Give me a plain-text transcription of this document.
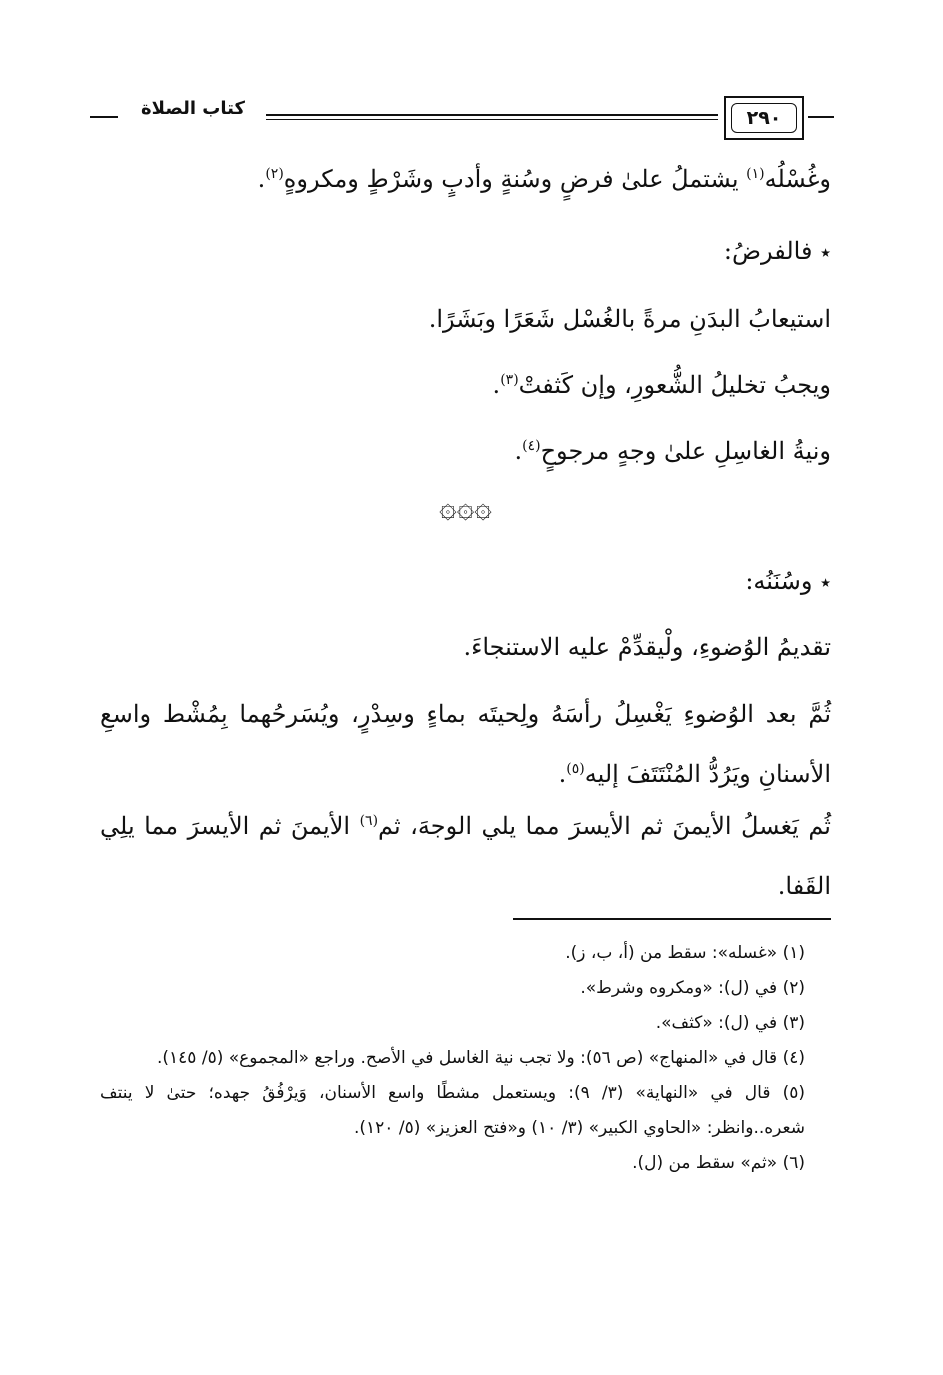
٢٩٠
كتاب الصلاة
وغُسْلُه$^{(١)}$ يشتملُ علىٰ فرضٍ وسُنةٍ وأدبٍ وشَرْطٍ ومكروهٍ$^{(٢)}$.
٭ فالفرضُ:
استيعابُ البدَنِ مرةً بالغُسْل شَعَرًا وبَشَرًا.
ويجبُ تخليلُ الشُّعورِ، وإن كَثفتْ$^{(٣)}$.
ونيةُ الغاسِلِ علىٰ وجهٍ مرجوحٍ$^{(٤)}$.
۞۞۞
٭ وسُنَنُه:
تقديمُ الوُضوءِ، ولْيقدِّمْ عليه الاستنجاءَ.
ثُمَّ بعد الوُضوءِ يَغْسِلُ رأسَهُ ولِحيتَه بماءٍ وسِدْرٍ، ويُسَرحُهما بِمُشْط واسعِ الأسنانِ ويَرُدُّ المُنْتَتَفَ إليه$^{(٥)}$.
ثُم يَغسلُ الأيمنَ ثم الأيسرَ مما يلي الوجهَ، ثم$^{(٦)}$ الأيمنَ ثم الأيسرَ مما يلِي القَفا.
(١) «غسله»: سقط من (أ، ب، ز).
(٢) في (ل): «ومكروه وشرط».
(٣) في (ل): «كثف».
(٤) قال في «المنهاج» (ص ٥٦): ولا تجب نية الغاسل في الأصح. وراجع «المجموع» (٥/ ١٤٥).
(٥) قال في «النهاية» (٣/ ٩): ويستعمل مشطًا واسع الأسنان، وَيرْفُقُ جهده؛ حتىٰ لا ينتف شعره..وانظر: «الحاوي الكبير» (٣/ ١٠) و«فتح العزيز» (٥/ ١٢٠).
(٦) «ثم» سقط من (ل).
